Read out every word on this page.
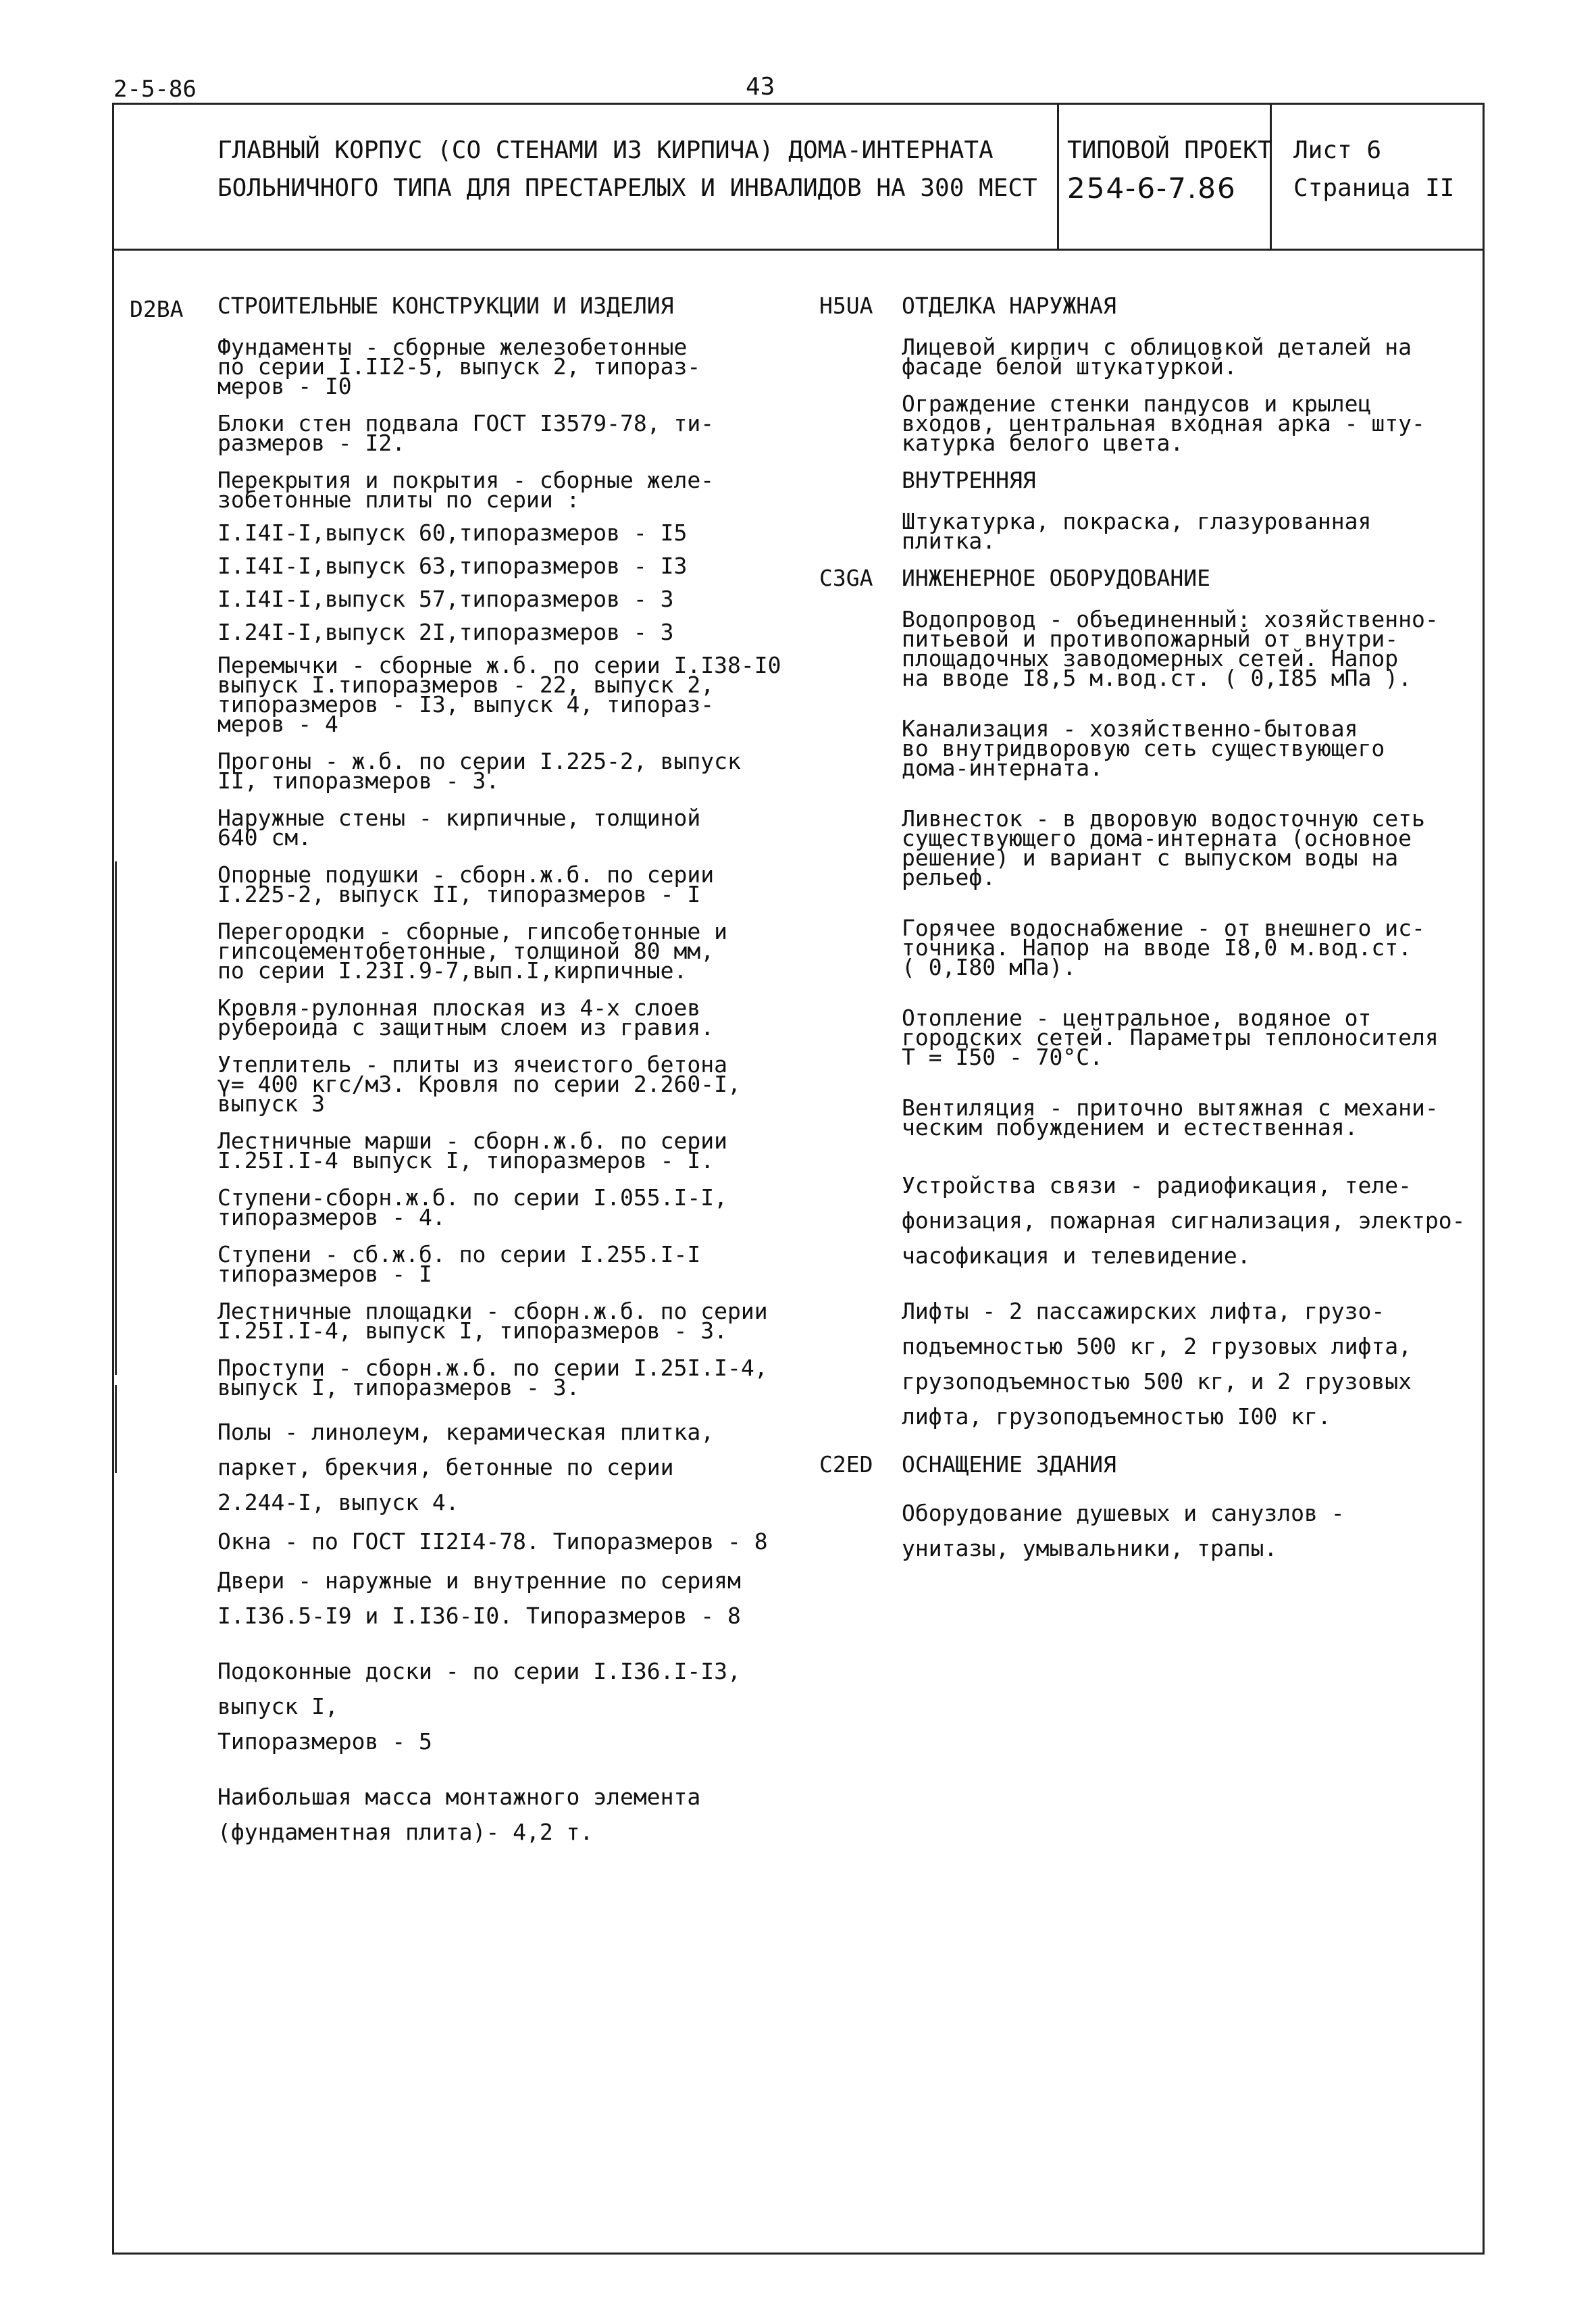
2-5-86	43
ГЛАВНЫЙ КОРПУС (СО СТЕНАМИ ИЗ КИРПИЧА) ДОМА-ИНТЕРНАТА
БОЛЬНИЧНОГО ТИПА ДЛЯ ПРЕСТАРЕЛЫХ И ИНВАЛИДОВ НА 300 МЕСТ
ТИПОВОЙ ПРОЕКТ
254-6-7.86
Лист 6
Страница II
D2BA СТРОИТЕЛЬНЫЕ КОНСТРУКЦИИ И ИЗДЕЛИЯ
Фундаменты - сборные железобетонные
по серии I.II2-5, выпуск 2, типораз-
меров - I0
Блоки стен подвала ГОСТ I3579-78, ти-
размеров - I2.
Перекрытия и покрытия - сборные желе-
зобетонные плиты по серии :
I.I4I-I,выпуск 60,типоразмеров - I5
I.I4I-I,выпуск 63,типоразмеров - I3
I.I4I-I,выпуск 57,типоразмеров - 3
I.24I-I,выпуск 2I,типоразмеров - 3
Перемычки - сборные ж.б. по серии I.I38-I0
выпуск I.типоразмеров - 22, выпуск 2,
типоразмеров - I3, выпуск 4, типораз-
меров - 4
Прогоны - ж.б. по серии I.225-2, выпуск
II, типоразмеров - 3.
Наружные стены - кирпичные, толщиной
640 см.
Опорные подушки - сборн.ж.б. по серии
I.225-2, выпуск II, типоразмеров - I
Перегородки - сборные, гипсобетонные и
гипсоцементобетонные, толщиной 80 мм,
по серии I.23I.9-7,вып.I,кирпичные.
Кровля-рулонная плоская из 4-х слоев
рубероида с защитным слоем из гравия.
Утеплитель - плиты из ячеистого бетона
γ= 400 кгс/м3. Кровля по серии 2.260-I,
выпуск 3
Лестничные марши - сборн.ж.б. по серии
I.25I.I-4 выпуск I, типоразмеров - I.
Ступени-сборн.ж.б. по серии I.055.I-I,
типоразмеров - 4.
Ступени - сб.ж.б. по серии I.255.I-I
типоразмеров - I
Лестничные площадки - сборн.ж.б. по серии
I.25I.I-4, выпуск I, типоразмеров - 3.
Проступи - сборн.ж.б. по серии I.25I.I-4,
выпуск I, типоразмеров - 3.
Полы - линолеум, керамическая плитка,
паркет, брекчия, бетонные по серии
2.244-I, выпуск 4.
Окна - по ГОСТ II2I4-78. Типоразмеров - 8
Двери - наружные и внутренние по сериям
I.I36.5-I9 и I.I36-I0. Типоразмеров - 8
Подоконные доски - по серии I.I36.I-I3,
выпуск I,
Типоразмеров - 5
Наибольшая масса монтажного элемента
(фундаментная плита)- 4,2 т.
H5UA ОТДЕЛКА НАРУЖНАЯ
Лицевой кирпич с облицовкой деталей на
фасаде белой штукатуркой.
Ограждение стенки пандусов и крылец
входов, центральная входная арка - шту-
катурка белого цвета.
ВНУТРЕННЯЯ
Штукатурка, покраска, глазурованная
плитка.
C3GA ИНЖЕНЕРНОЕ ОБОРУДОВАНИЕ
Водопровод - объединенный: хозяйственно-
питьевой и противопожарный от внутри-
площадочных заводомерных сетей. Напор
на вводе I8,5 м.вод.ст. ( 0,I85 мПа ).
Канализация - хозяйственно-бытовая
во внутридворовую сеть существующего
дома-интерната.
Ливнесток - в дворовую водосточную сеть
существующего дома-интерната (основное
решение) и вариант с выпуском воды на
рельеф.
Горячее водоснабжение - от внешнего ис-
точника. Напор на вводе I8,0 м.вод.ст.
( 0,I80 мПа).
Отопление - центральное, водяное от
городских сетей. Параметры теплоносителя
Т = I50 - 70°С.
Вентиляция - приточно вытяжная с механи-
ческим побуждением и естественная.
Устройства связи - радиофикация, теле-
фонизация, пожарная сигнализация, электро-
часофикация и телевидение.
Лифты - 2 пассажирских лифта, грузо-
подъемностью 500 кг, 2 грузовых лифта,
грузоподъемностью 500 кг, и 2 грузовых
лифта, грузоподъемностью I00 кг.
C2ED ОСНАЩЕНИЕ ЗДАНИЯ
Оборудование душевых и санузлов -
унитазы, умывальники, трапы.
